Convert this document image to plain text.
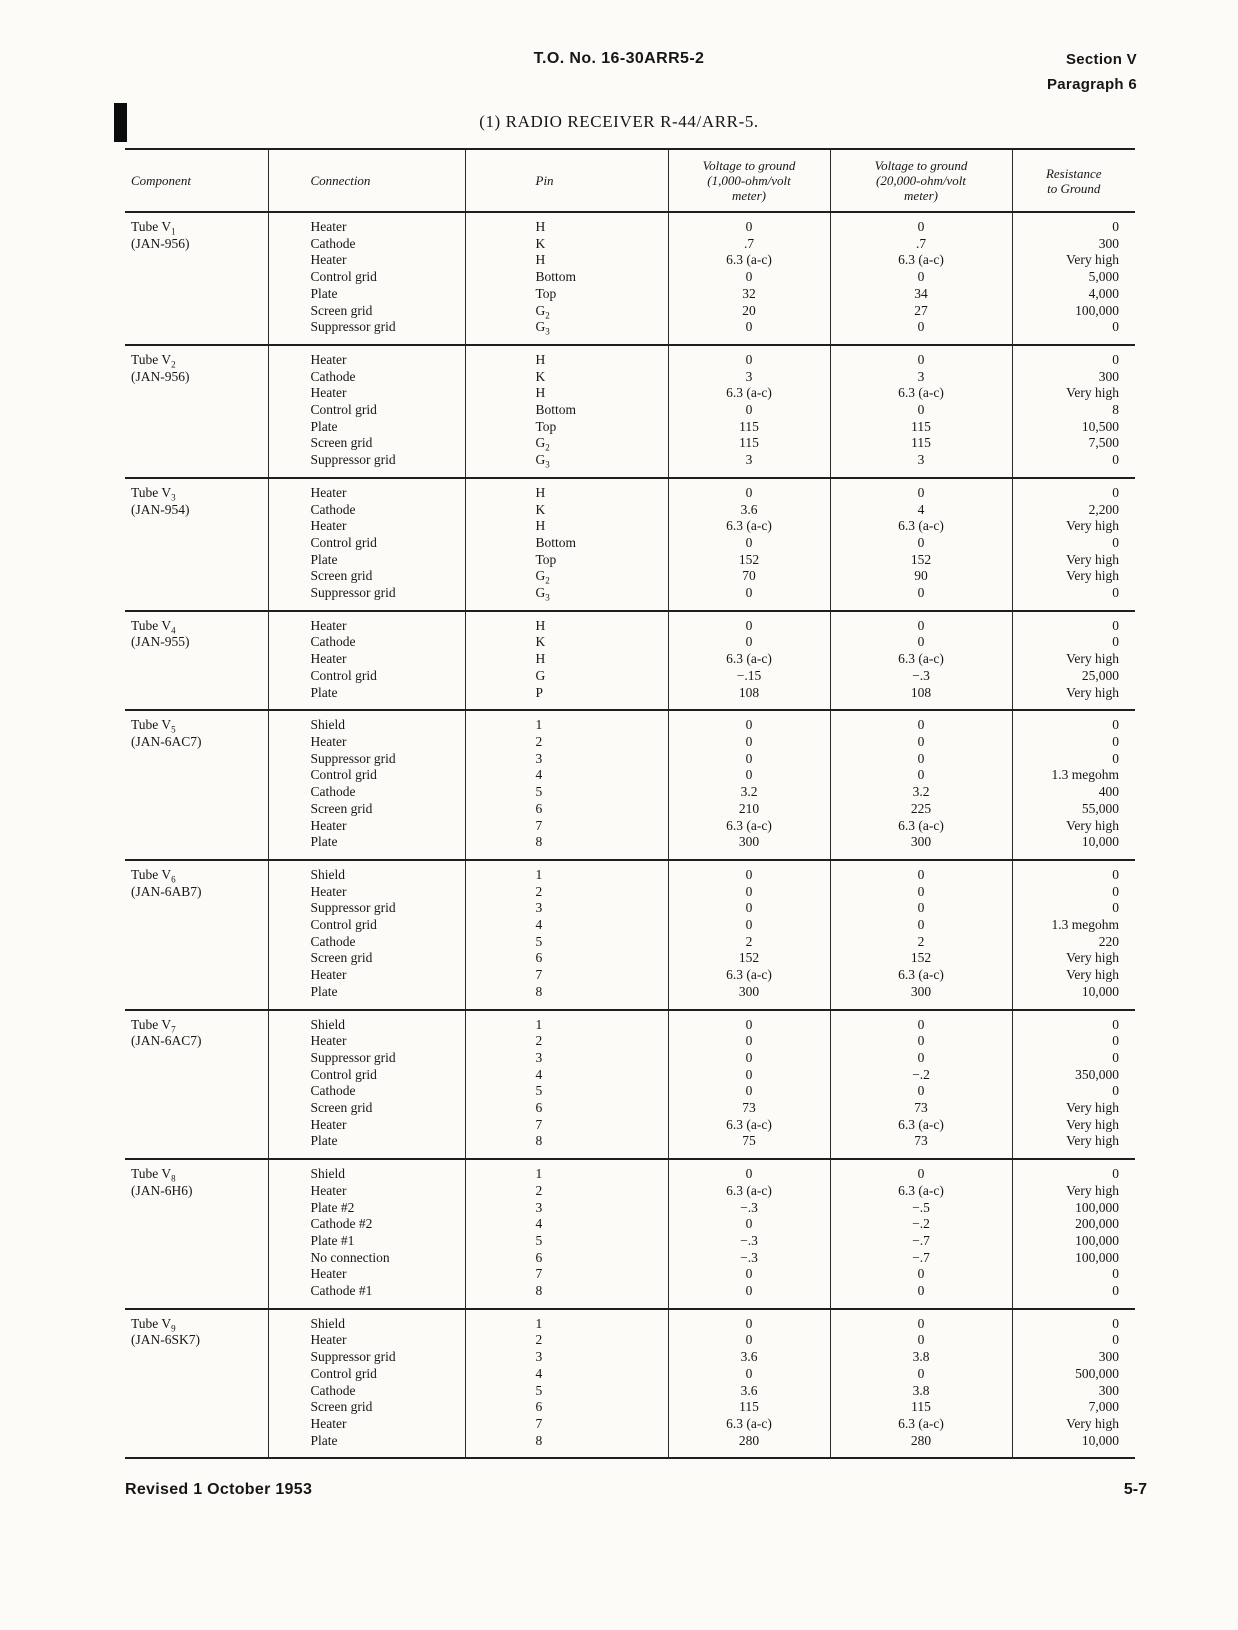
T.O. No. 16-30ARR5-2	Section V
Paragraph 6
(1) RADIO RECEIVER R-44/ARR-5.
Component	Connection	Pin	Voltage to ground
(1,000-ohm/volt
meter)	Voltage to ground
(20,000-ohm/volt
meter)	Resistance
to Ground
Tube $V_1$
(JAN-956)	Heater	H	0	0	0
	Cathode	K	.7	.7	300
	Heater	H	6.3 (a-c)	6.3 (a-c)	Very high
	Control grid	Bottom	0	0	5,000
	Plate	Top	32	34	4,000
	Screen grid	$G_2$	20	27	100,000
	Suppressor grid	$G_3$	0	0	0
Tube $V_2$
(JAN-956)	Heater	H	0	0	0
	Cathode	K	3	3	300
	Heater	H	6.3 (a-c)	6.3 (a-c)	Very high
	Control grid	Bottom	0	0	8
	Plate	Top	115	115	10,500
	Screen grid	$G_2$	115	115	7,500
	Suppressor grid	$G_3$	3	3	0
Tube $V_3$
(JAN-954)	Heater	H	0	0	0
	Cathode	K	3.6	4	2,200
	Heater	H	6.3 (a-c)	6.3 (a-c)	Very high
	Control grid	Bottom	0	0	0
	Plate	Top	152	152	Very high
	Screen grid	$G_2$	70	90	Very high
	Suppressor grid	$G_3$	0	0	0
Tube $V_4$
(JAN-955)	Heater	H	0	0	0
	Cathode	K	0	0	0
	Heater	H	6.3 (a-c)	6.3 (a-c)	Very high
	Control grid	G	−.15	−.3	25,000
	Plate	P	108	108	Very high
Tube $V_5$
(JAN-6AC7)	Shield	1	0	0	0
	Heater	2	0	0	0
	Suppressor grid	3	0	0	0
	Control grid	4	0	0	1.3 megohm
	Cathode	5	3.2	3.2	400
	Screen grid	6	210	225	55,000
	Heater	7	6.3 (a-c)	6.3 (a-c)	Very high
	Plate	8	300	300	10,000
Tube $V_6$
(JAN-6AB7)	Shield	1	0	0	0
	Heater	2	0	0	0
	Suppressor grid	3	0	0	0
	Control grid	4	0	0	1.3 megohm
	Cathode	5	2	2	220
	Screen grid	6	152	152	Very high
	Heater	7	6.3 (a-c)	6.3 (a-c)	Very high
	Plate	8	300	300	10,000
Tube $V_7$
(JAN-6AC7)	Shield	1	0	0	0
	Heater	2	0	0	0
	Suppressor grid	3	0	0	0
	Control grid	4	0	−.2	350,000
	Cathode	5	0	0	0
	Screen grid	6	73	73	Very high
	Heater	7	6.3 (a-c)	6.3 (a-c)	Very high
	Plate	8	75	73	Very high
Tube $V_8$
(JAN-6H6)	Shield	1	0	0	0
	Heater	2	6.3 (a-c)	6.3 (a-c)	Very high
	Plate #2	3	−.3	−.5	100,000
	Cathode #2	4	0	−.2	200,000
	Plate #1	5	−.3	−.7	100,000
	No connection	6	−.3	−.7	100,000
	Heater	7	0	0	0
	Cathode #1	8	0	0	0
Tube $V_9$
(JAN-6SK7)	Shield	1	0	0	0
	Heater	2	0	0	0
	Suppressor grid	3	3.6	3.8	300
	Control grid	4	0	0	500,000
	Cathode	5	3.6	3.8	300
	Screen grid	6	115	115	7,000
	Heater	7	6.3 (a-c)	6.3 (a-c)	Very high
	Plate	8	280	280	10,000
Revised 1 October 1953	5-7
